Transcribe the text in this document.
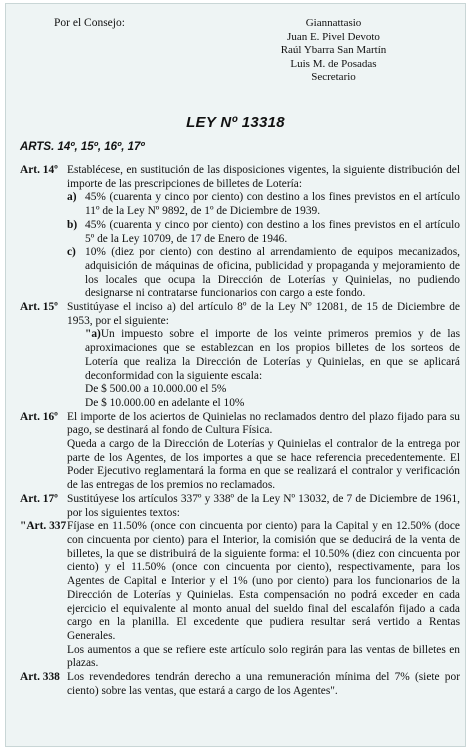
Por el Consejo:	Giannattasio
Juan E. Pivel Devoto
Raúl Ybarra San Martín
Luis M. de Posadas
Secretario
LEY Nº 13318
ARTS. 14º, 15º, 16º, 17º
Art. 14º Establécese, en sustitución de las disposiciones vigentes, la siguiente distribución del importe de las prescripciones de billetes de Lotería:

a) 45% (cuarenta y cinco por ciento) con destino a los fines previstos en el artículo 11º de la Ley Nº 9892, de 1º de Diciembre de 1939.
b) 45% (cuarenta y cinco por ciento) con destino a los fines previstos en el artículo 5º de la Ley 10709, de 17 de Enero de 1946.
c) 10% (diez por ciento) con destino al arrendamiento de equipos mecanizados, adquisición de máquinas de oficina, publicidad y propaganda y mejoramiento de los locales que ocupa la Dirección de Loterías y Quinielas, no pudiendo designarse ni contratarse funcionarios con cargo a este fondo.
Art. 15º Sustitúyase el inciso a) del artículo 8º de la Ley Nº 12081, de 15 de Diciembre de 1953, por el siguiente:

"a)Un impuesto sobre el importe de los veinte primeros premios y de las aproximaciones que se establezcan en los propios billetes de los sorteos de Lotería que realiza la Dirección de Loterías y Quinielas, en que se aplicará deconformidad con la siguiente escala:

De $ 500.00 a 10.000.00 el 5%

De $ 10.000.00 en adelante el 10%

Art. 16º El importe de los aciertos de Quinielas no reclamados dentro del plazo fijado para su pago, se destinará al fondo de Cultura Física.

Queda a cargo de la Dirección de Loterías y Quinielas el contralor de la entrega por parte de los Agentes, de los importes a que se hace referencia precedentemente. El Poder Ejecutivo reglamentará la forma en que se realizará el contralor y verificación de las entregas de los premios no reclamados.

Art. 17º Sustitúyese los artículos 337º y 338º de la Ley Nº 13032, de 7 de Diciembre de 1961, por los siguientes textos:

"Art. 337 Fíjase en 11.50% (once con cincuenta por ciento) para la Capital y en 12.50% (doce con cincuenta por ciento) para el Interior, la comisión que se deducirá de la venta de billetes, la que se distribuirá de la siguiente forma: el 10.50% (diez con cincuenta por ciento) y el 11.50% (once con cincuenta por ciento), respectivamente, para los Agentes de Capital e Interior y el 1% (uno por ciento) para los funcionarios de la Dirección de Loterías y Quinielas. Esta compensación no podrá exceder en cada ejercicio el equivalente al monto anual del sueldo final del escalafón fijado a cada cargo en la planilla. El excedente que pudiera resultar será vertido a Rentas Generales.

Los aumentos a que se refiere este artículo solo regirán para las ventas de billetes en plazas.

Art. 338 Los revendedores tendrán derecho a una remuneración mínima del 7% (siete por ciento) sobre las ventas, que estará a cargo de los Agentes".
